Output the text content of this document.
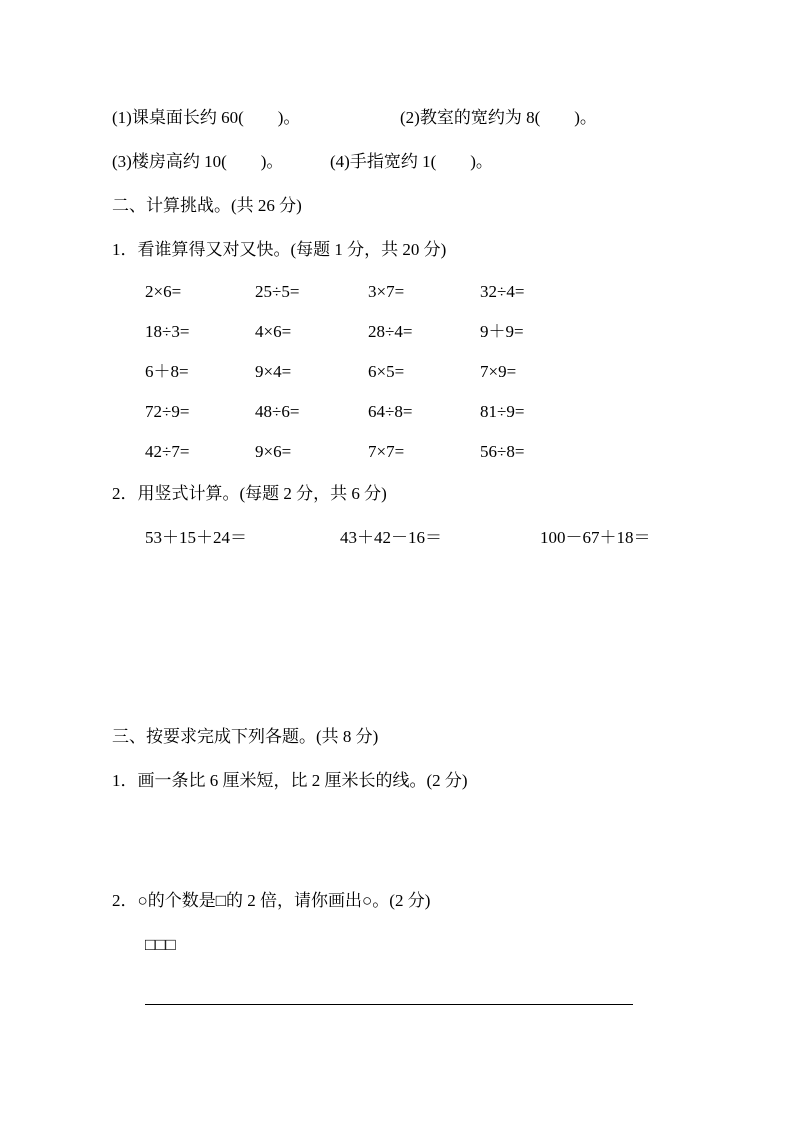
(1)课桌面长约 60(        )。	(2)教室的宽约为 8(        )。
(3)楼房高约 10(        )。	(4)手指宽约 1(        )。
二、计算挑战。(共 26 分)
1．看谁算得又对又快。(每题 1 分，共 20 分)
2×6=	25÷5=	3×7=	32÷4=
18÷3=	4×6=	28÷4=	9＋9=
6＋8=	9×4=	6×5=	7×9=
72÷9=	48÷6=	64÷8=	81÷9=
42÷7=	9×6=	7×7=	56÷8=
2．用竖式计算。(每题 2 分，共 6 分)
53＋15＋24＝	43＋42－16＝	100－67＋18＝
三、按要求完成下列各题。(共 8 分)
1．画一条比 6 厘米短，比 2 厘米长的线。(2 分)
2．○的个数是□的 2 倍，请你画出○。(2 分)
□□□
